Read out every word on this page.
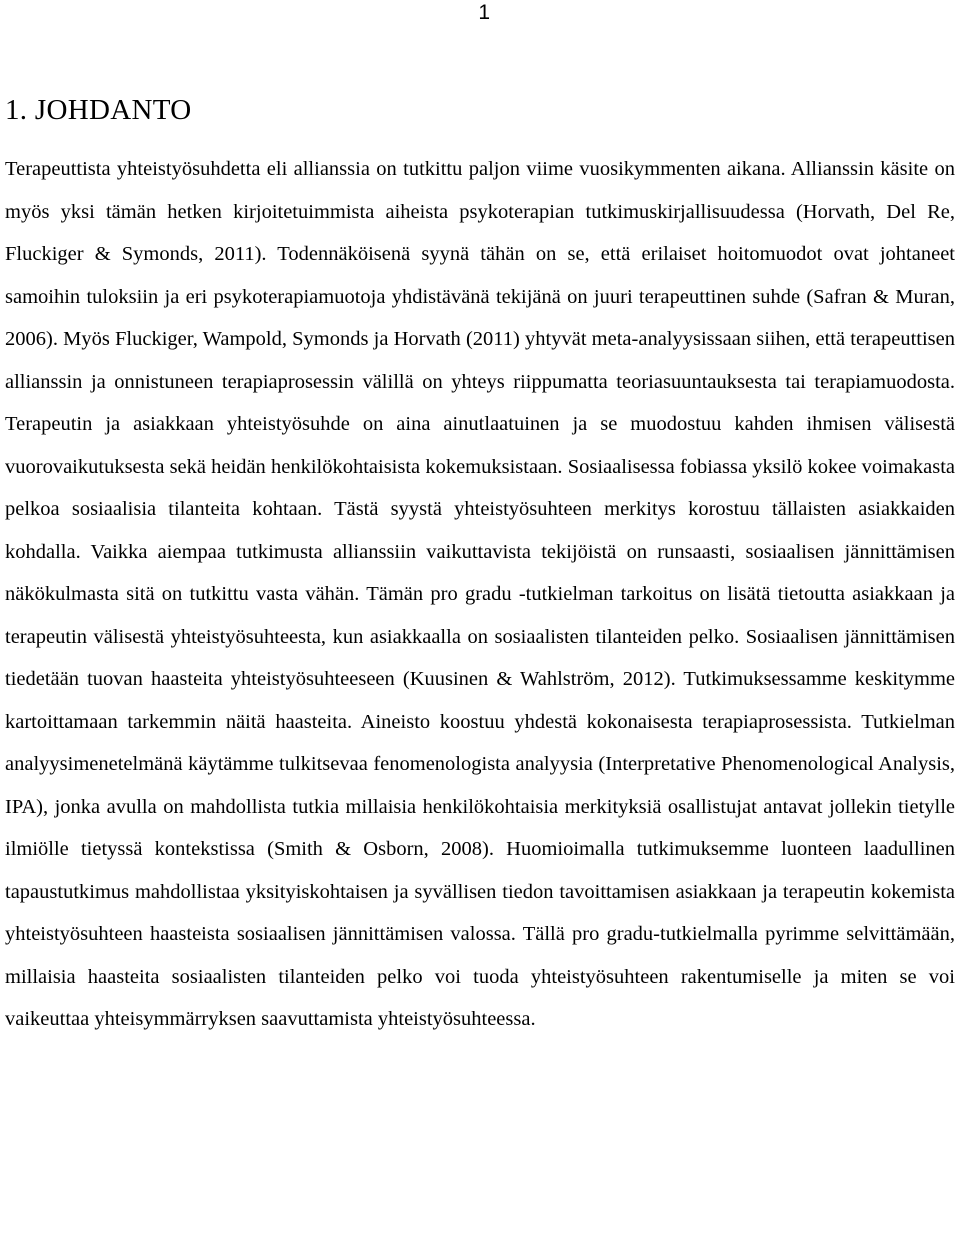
1
1. JOHDANTO

Terapeuttista yhteistyösuhdetta eli allianssia on tutkittu paljon viime vuosikymmenten aikana. Allianssin käsite on myös yksi tämän hetken kirjoitetuimmista aiheista psykoterapian tutkimuskirjallisuudessa (Horvath, Del Re, Fluckiger & Symonds, 2011). Todennäköisenä syynä tähän on se, että erilaiset hoitomuodot ovat johtaneet samoihin tuloksiin ja eri psykoterapiamuotoja yhdistävänä tekijänä on juuri terapeuttinen suhde (Safran & Muran, 2006). Myös Fluckiger, Wampold, Symonds ja Horvath (2011) yhtyvät meta-analyysissaan siihen, että terapeuttisen allianssin ja onnistuneen terapiaprosessin välillä on yhteys riippumatta teoriasuuntauksesta tai terapiamuodosta. Terapeutin ja asiakkaan yhteistyösuhde on aina ainutlaatuinen ja se muodostuu kahden ihmisen välisestä vuorovaikutuksesta sekä heidän henkilökohtaisista kokemuksistaan. Sosiaalisessa fobiassa yksilö kokee voimakasta pelkoa sosiaalisia tilanteita kohtaan. Tästä syystä yhteistyösuhteen merkitys korostuu tällaisten asiakkaiden kohdalla. Vaikka aiempaa tutkimusta allianssiin vaikuttavista tekijöistä on runsaasti, sosiaalisen jännittämisen näkökulmasta sitä on tutkittu vasta vähän. Tämän pro gradu -tutkielman tarkoitus on lisätä tietoutta asiakkaan ja terapeutin välisestä yhteistyösuhteesta, kun asiakkaalla on sosiaalisten tilanteiden pelko. Sosiaalisen jännittämisen tiedetään tuovan haasteita yhteistyösuhteeseen (Kuusinen & Wahlström, 2012). Tutkimuksessamme keskitymme kartoittamaan tarkemmin näitä haasteita. Aineisto koostuu yhdestä kokonaisesta terapiaprosessista. Tutkielman analyysimenetelmänä käytämme tulkitsevaa fenomenologista analyysia (Interpretative Phenomenological Analysis, IPA), jonka avulla on mahdollista tutkia millaisia henkilökohtaisia merkityksiä osallistujat antavat jollekin tietylle ilmiölle tietyssä kontekstissa (Smith & Osborn, 2008). Huomioimalla tutkimuksemme luonteen laadullinen tapaustutkimus mahdollistaa yksityiskohtaisen ja syvällisen tiedon tavoittamisen asiakkaan ja terapeutin kokemista yhteistyösuhteen haasteista sosiaalisen jännittämisen valossa. Tällä pro gradu-tutkielmalla pyrimme selvittämään, millaisia haasteita sosiaalisten tilanteiden pelko voi tuoda yhteistyösuhteen rakentumiselle ja miten se voi vaikeuttaa yhteisymmärryksen saavuttamista yhteistyösuhteessa.
